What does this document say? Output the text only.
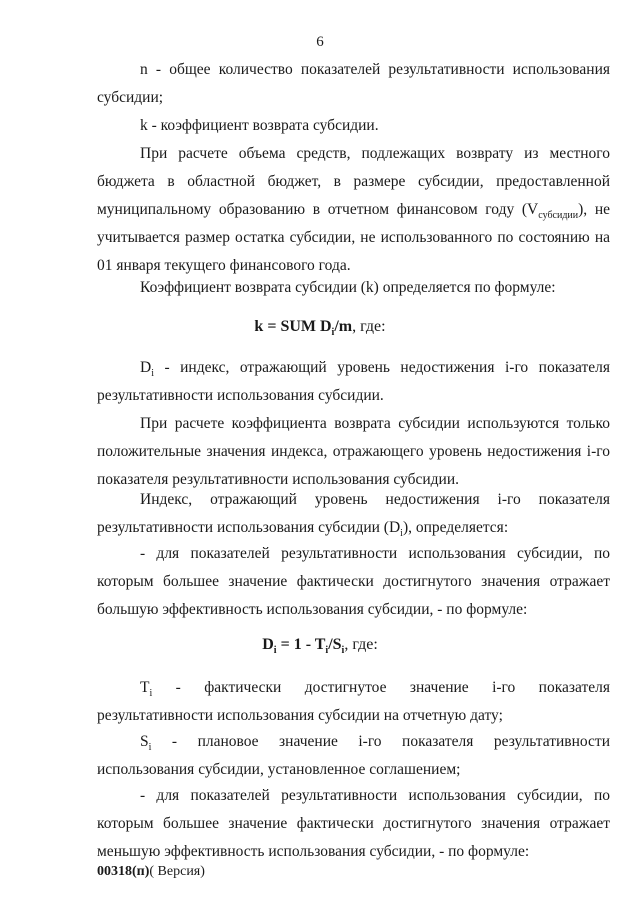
6

n - общее количество показателей результативности использования субсидии;

k - коэффициент возврата субсидии.

При расчете объема средств, подлежащих возврату из местного бюджета в областной бюджет, в размере субсидии, предоставленной муниципальному образованию в отчетном финансовом году $(V_{субсидии})$, не учитывается размер остатка субсидии, не использованного по состоянию на 01 января текущего финансового года.

Коэффициент возврата субсидии (k) определяется по формуле:

k = SUM $D_i/m$, где:

$D_i$ - индекс, отражающий уровень недостижения i-го показателя результативности использования субсидии.

При расчете коэффициента возврата субсидии используются только положительные значения индекса, отражающего уровень недостижения i-го показателя результативности использования субсидии.

Индекс, отражающий уровень недостижения i-го показателя результативности использования субсидии $(D_i)$, определяется:

- для показателей результативности использования субсидии, по которым большее значение фактически достигнутого значения отражает большую эффективность использования субсидии, - по формуле:

$D_i = 1 - T_i/S_i$, где:

$T_i$ - фактически достигнутое значение i-го показателя результативности использования субсидии на отчетную дату;

$S_i$ - плановое значение i-го показателя результативности использования субсидии, установленное соглашением;

- для показателей результативности использования субсидии, по которым большее значение фактически достигнутого значения отражает меньшую эффективность использования субсидии, - по формуле:

00318(п)( Версия)
